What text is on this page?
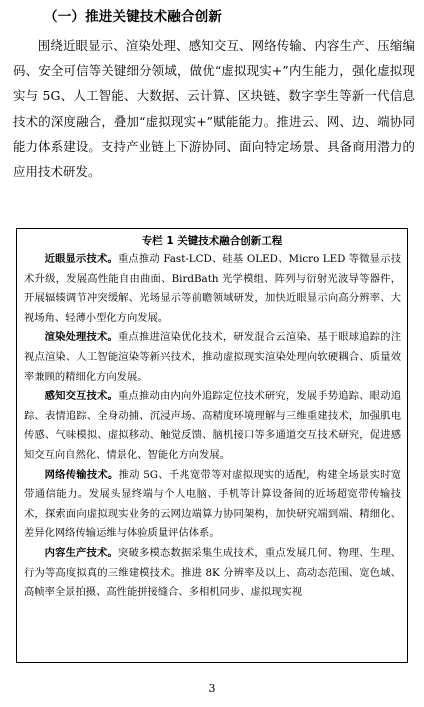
（一）推进关键技术融合创新

围绕近眼显示、渲染处理、感知交互、网络传输、内容生产、压缩编码、安全可信等关键细分领域，做优“虚拟现实+”内生能力，强化虚拟现实与 5G、人工智能、大数据、云计算、区块链、数字孪生等新一代信息技术的深度融合，叠加“虚拟现实+”赋能能力。推进云、网、边、端协同能力体系建设。支持产业链上下游协同、面向特定场景、具备商用潜力的应用技术研发。

专栏 1 关键技术融合创新工程

近眼显示技术。重点推动 Fast-LCD、硅基 OLED、Micro LED 等微显示技术升级，发展高性能自由曲面、BirdBath 光学模组、阵列与衍射光波导等器件，开展辐辏调节冲突缓解、光场显示等前瞻领域研发，加快近眼显示向高分辨率、大视场角、轻薄小型化方向发展。

渲染处理技术。重点推进渲染优化技术，研发混合云渲染、基于眼球追踪的注视点渲染、人工智能渲染等新兴技术，推动虚拟现实渲染处理向软硬耦合、质量效率兼顾的精细化方向发展。

感知交互技术。重点推动由内向外追踪定位技术研究，发展手势追踪、眼动追踪、表情追踪、全身动捕、沉浸声场、高精度环境理解与三维重建技术，加强肌电传感、气味模拟、虚拟移动、触觉反馈、脑机接口等多通道交互技术研究，促进感知交互向自然化、情景化、智能化方向发展。

网络传输技术。推动 5G、千兆宽带等对虚拟现实的适配，构建全场景实时宽带通信能力。发展头显终端与个人电脑、手机等计算设备间的近场超宽带传输技术，探索面向虚拟现实业务的云网边端算力协同架构，加快研究端到端、精细化、差异化网络传输运维与体验质量评估体系。

内容生产技术。突破多模态数据采集生成技术，重点发展几何、物理、生理、行为等高度拟真的三维建模技术。推进 8K 分辨率及以上、高动态范围、宽色域、高帧率全景拍摄、高性能拼接缝合、多相机同步、虚拟现实视

3
